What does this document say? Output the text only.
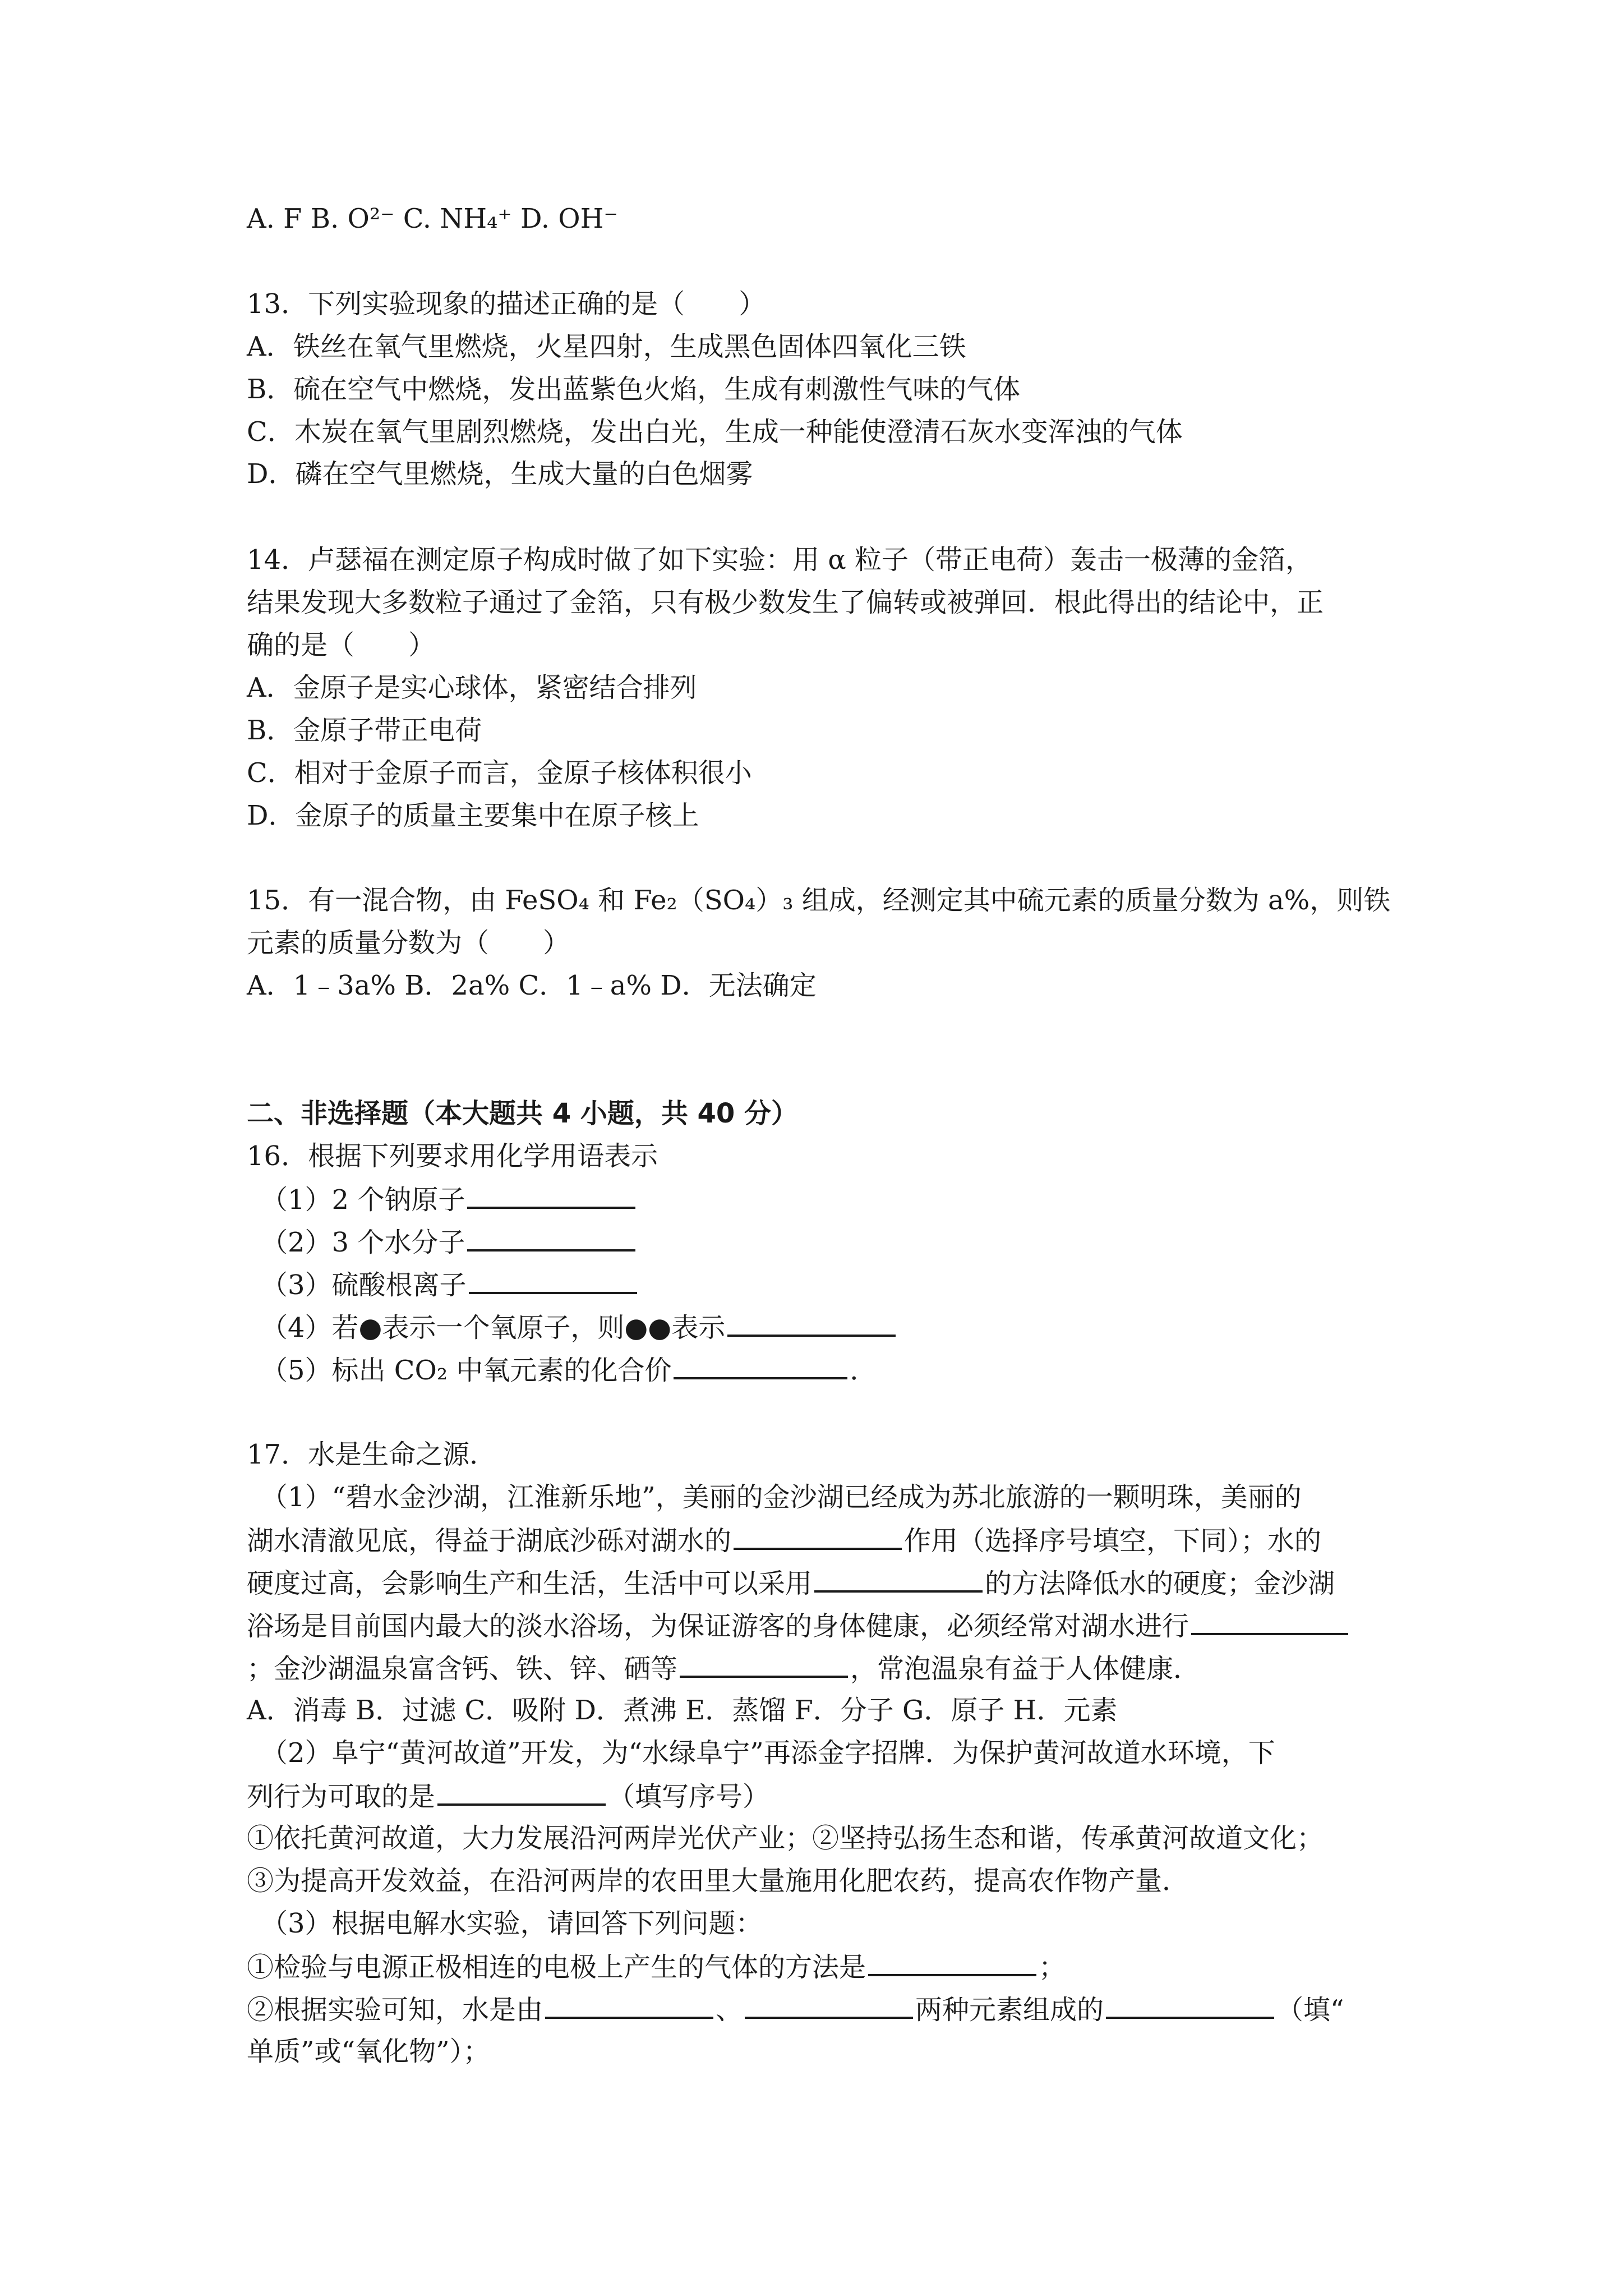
A. F B. O²⁻ C. NH₄⁺ D. OH⁻
13．下列实验现象的描述正确的是（　　）
A．铁丝在氧气里燃烧，火星四射，生成黑色固体四氧化三铁
B．硫在空气中燃烧，发出蓝紫色火焰，生成有刺激性气味的气体
C．木炭在氧气里剧烈燃烧，发出白光，生成一种能使澄清石灰水变浑浊的气体
D．磷在空气里燃烧，生成大量的白色烟雾
14．卢瑟福在测定原子构成时做了如下实验：用 α 粒子（带正电荷）轰击一极薄的金箔，
结果发现大多数粒子通过了金箔，只有极少数发生了偏转或被弹回．根此得出的结论中，正
确的是（　　）
A．金原子是实心球体，紧密结合排列
B．金原子带正电荷
C．相对于金原子而言，金原子核体积很小
D．金原子的质量主要集中在原子核上
15．有一混合物，由 FeSO₄ 和 Fe₂（SO₄）₃ 组成，经测定其中硫元素的质量分数为 a%，则铁
元素的质量分数为（　　）
A．1﹣3a% B．2a% C．1﹣a% D．无法确定
二、非选择题（本大题共 4 小题，共 40 分）
16．根据下列要求用化学用语表示
（1）2 个钠原子
（2）3 个水分子
（3）硫酸根离子
（4）若●表示一个氧原子，则●●表示
（5）标出 CO₂ 中氧元素的化合价	．
17．水是生命之源．
（1）“碧水金沙湖，江淮新乐地”，美丽的金沙湖已经成为苏北旅游的一颗明珠，美丽的
湖水清澈见底，得益于湖底沙砾对湖水的	作用（选择序号填空，下同）；水的
硬度过高，会影响生产和生活，生活中可以采用	的方法降低水的硬度；金沙湖
浴场是目前国内最大的淡水浴场，为保证游客的身体健康，必须经常对湖水进行
；金沙湖温泉富含钙、铁、锌、硒等	，常泡温泉有益于人体健康．
A．消毒 B．过滤 C．吸附 D．煮沸 E．蒸馏 F．分子 G．原子 H．元素
（2）阜宁“黄河故道”开发，为“水绿阜宁”再添金字招牌．为保护黄河故道水环境，下
列行为可取的是	（填写序号）
①依托黄河故道，大力发展沿河两岸光伏产业；②坚持弘扬生态和谐，传承黄河故道文化；
③为提高开发效益，在沿河两岸的农田里大量施用化肥农药，提高农作物产量．
（3）根据电解水实验，请回答下列问题：
①检验与电源正极相连的电极上产生的气体的方法是	；
②根据实验可知，水是由	、	两种元素组成的	（填“
单质”或“氧化物”）；
